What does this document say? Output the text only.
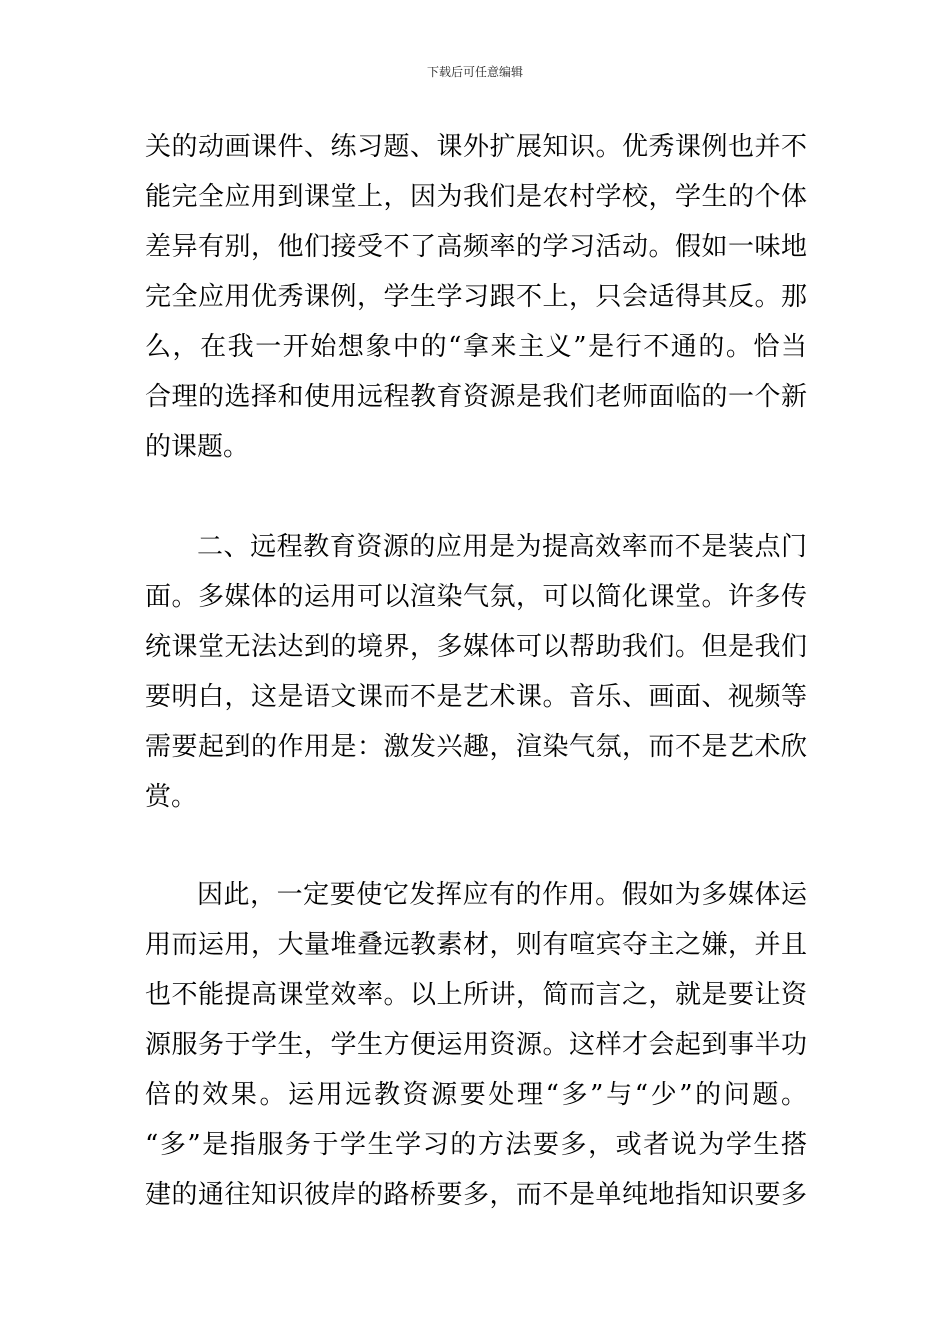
下载后可任意编辑
关的动画课件、练习题、课外扩展知识。优秀课例也并不
能完全应用到课堂上，因为我们是农村学校，学生的个体
差异有别，他们接受不了高频率的学习活动。假如一味地
完全应用优秀课例，学生学习跟不上，只会适得其反。那
么，在我一开始想象中的“拿来主义”是行不通的。恰当
合理的选择和使用远程教育资源是我们老师面临的一个新
的课题。
二、远程教育资源的应用是为提高效率而不是装点门
面。多媒体的运用可以渲染气氛，可以简化课堂。许多传
统课堂无法达到的境界，多媒体可以帮助我们。但是我们
要明白，这是语文课而不是艺术课。音乐、画面、视频等
需要起到的作用是：激发兴趣，渲染气氛，而不是艺术欣
赏。
因此，一定要使它发挥应有的作用。假如为多媒体运
用而运用，大量堆叠远教素材，则有喧宾夺主之嫌，并且
也不能提高课堂效率。以上所讲，简而言之，就是要让资
源服务于学生，学生方便运用资源。这样才会起到事半功
倍的效果。运用远教资源要处理“多”与“少”的问题。
“多”是指服务于学生学习的方法要多，或者说为学生搭
建的通往知识彼岸的路桥要多，而不是单纯地指知识要多
